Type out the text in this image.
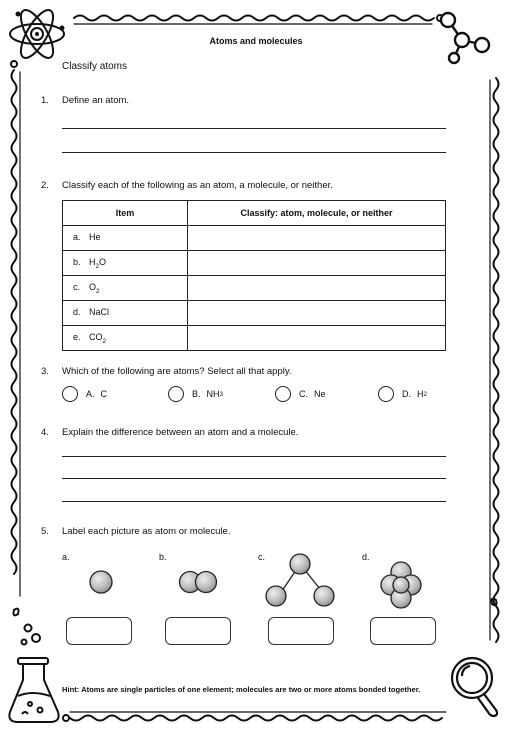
Atoms and molecules
Classify atoms
1. Define an atom.
2. Classify each of the following as an atom, a molecule, or neither.
Item	Classify: atom, molecule, or neither
a. He	
b. $H_2O$	
c. $O_2$	
d. NaCl	
e. $CO_2$	
3. Which of the following are atoms? Select all that apply.
A. C	B. NH 3	C. Ne	D. H 2
4. Explain the difference between an atom and a molecule.
5. Label each picture as atom or molecule.
a.	b.	c.	d.
Hint: Atoms are single particles of one element; molecules are two or more atoms bonded together.
